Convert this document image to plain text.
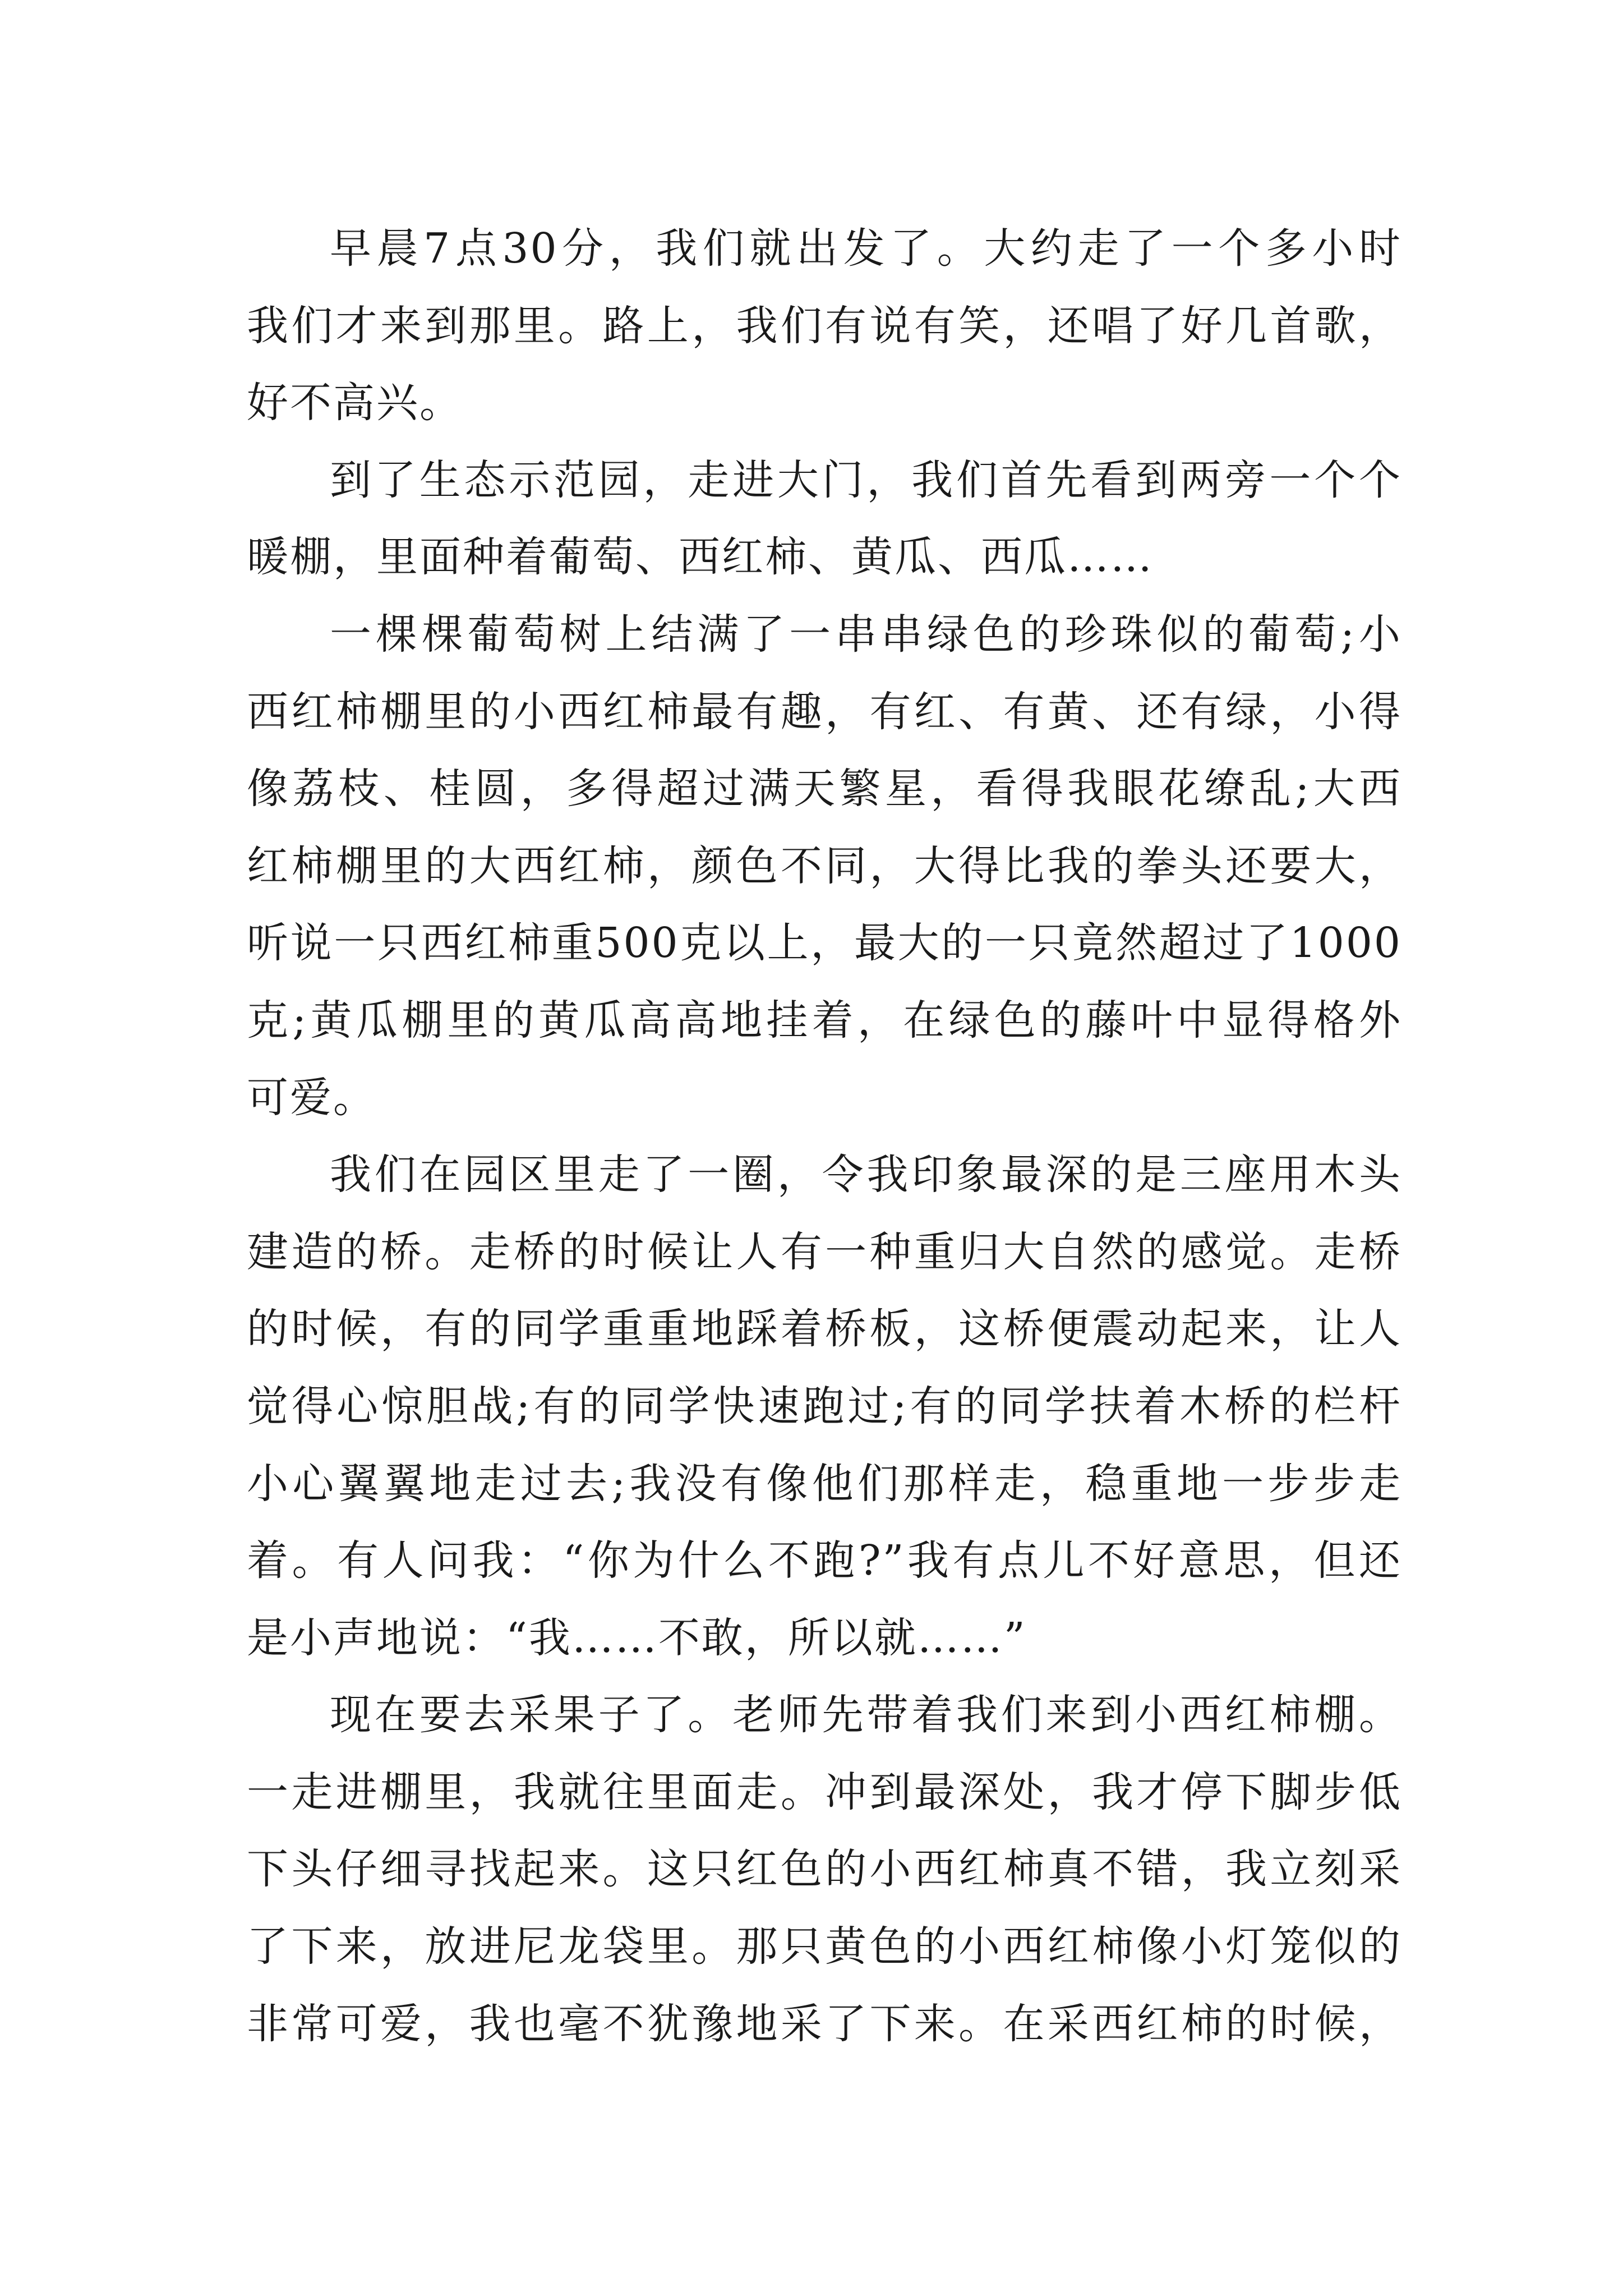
早晨7点30分，我们就出发了。大约走了一个多小时
我们才来到那里。路上，我们有说有笑，还唱了好几首歌，
好不高兴。
到了生态示范园，走进大门，我们首先看到两旁一个个
暖棚，里面种着葡萄、西红柿、黄瓜、西瓜……
一棵棵葡萄树上结满了一串串绿色的珍珠似的葡萄;小
西红柿棚里的小西红柿最有趣，有红、有黄、还有绿，小得
像荔枝、桂圆，多得超过满天繁星，看得我眼花缭乱;大西
红柿棚里的大西红柿，颜色不同，大得比我的拳头还要大，
听说一只西红柿重500克以上，最大的一只竟然超过了1000
克;黄瓜棚里的黄瓜高高地挂着，在绿色的藤叶中显得格外
可爱。
我们在园区里走了一圈，令我印象最深的是三座用木头
建造的桥。走桥的时候让人有一种重归大自然的感觉。走桥
的时候，有的同学重重地踩着桥板，这桥便震动起来，让人
觉得心惊胆战;有的同学快速跑过;有的同学扶着木桥的栏杆
小心翼翼地走过去;我没有像他们那样走，稳重地一步步走
着。有人问我：“你为什么不跑?”我有点儿不好意思，但还
是小声地说：“我……不敢，所以就……”
现在要去采果子了。老师先带着我们来到小西红柿棚。
一走进棚里，我就往里面走。冲到最深处，我才停下脚步低
下头仔细寻找起来。这只红色的小西红柿真不错，我立刻采
了下来，放进尼龙袋里。那只黄色的小西红柿像小灯笼似的
非常可爱，我也毫不犹豫地采了下来。在采西红柿的时候，
